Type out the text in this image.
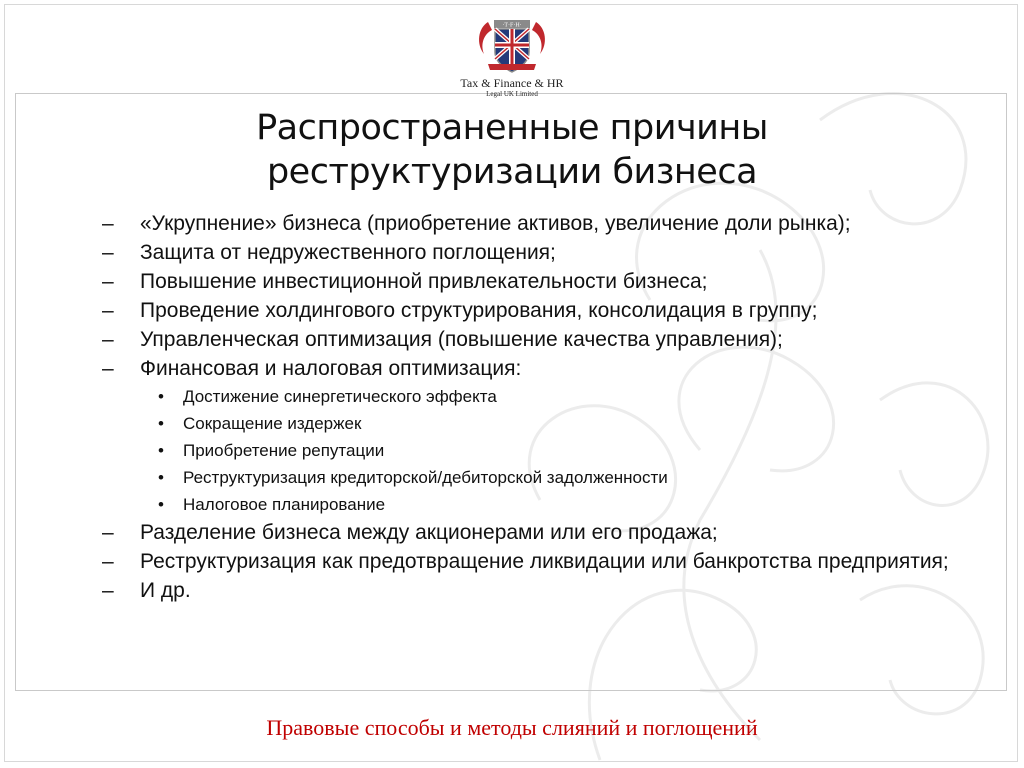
·T·F·H·
Tax & Finance & HR
Legal UK Limited
Распространенные причины
реструктуризации бизнеса
– «Укрупнение» бизнеса (приобретение активов, увеличение доли рынка);
– Защита от недружественного поглощения;
– Повышение инвестиционной привлекательности бизнеса;
– Проведение холдингового структурирования, консолидация в группу;
– Управленческая оптимизация (повышение качества управления);
– Финансовая и налоговая оптимизация:
• Достижение синергетического эффекта
• Сокращение издержек
• Приобретение репутации
• Реструктуризация кредиторской/дебиторской задолженности
• Налоговое планирование
– Разделение бизнеса между акционерами или его продажа;
– Реструктуризация как предотвращение ликвидации или банкротства предприятия;
– И др.
Правовые способы и методы слияний и поглощений
